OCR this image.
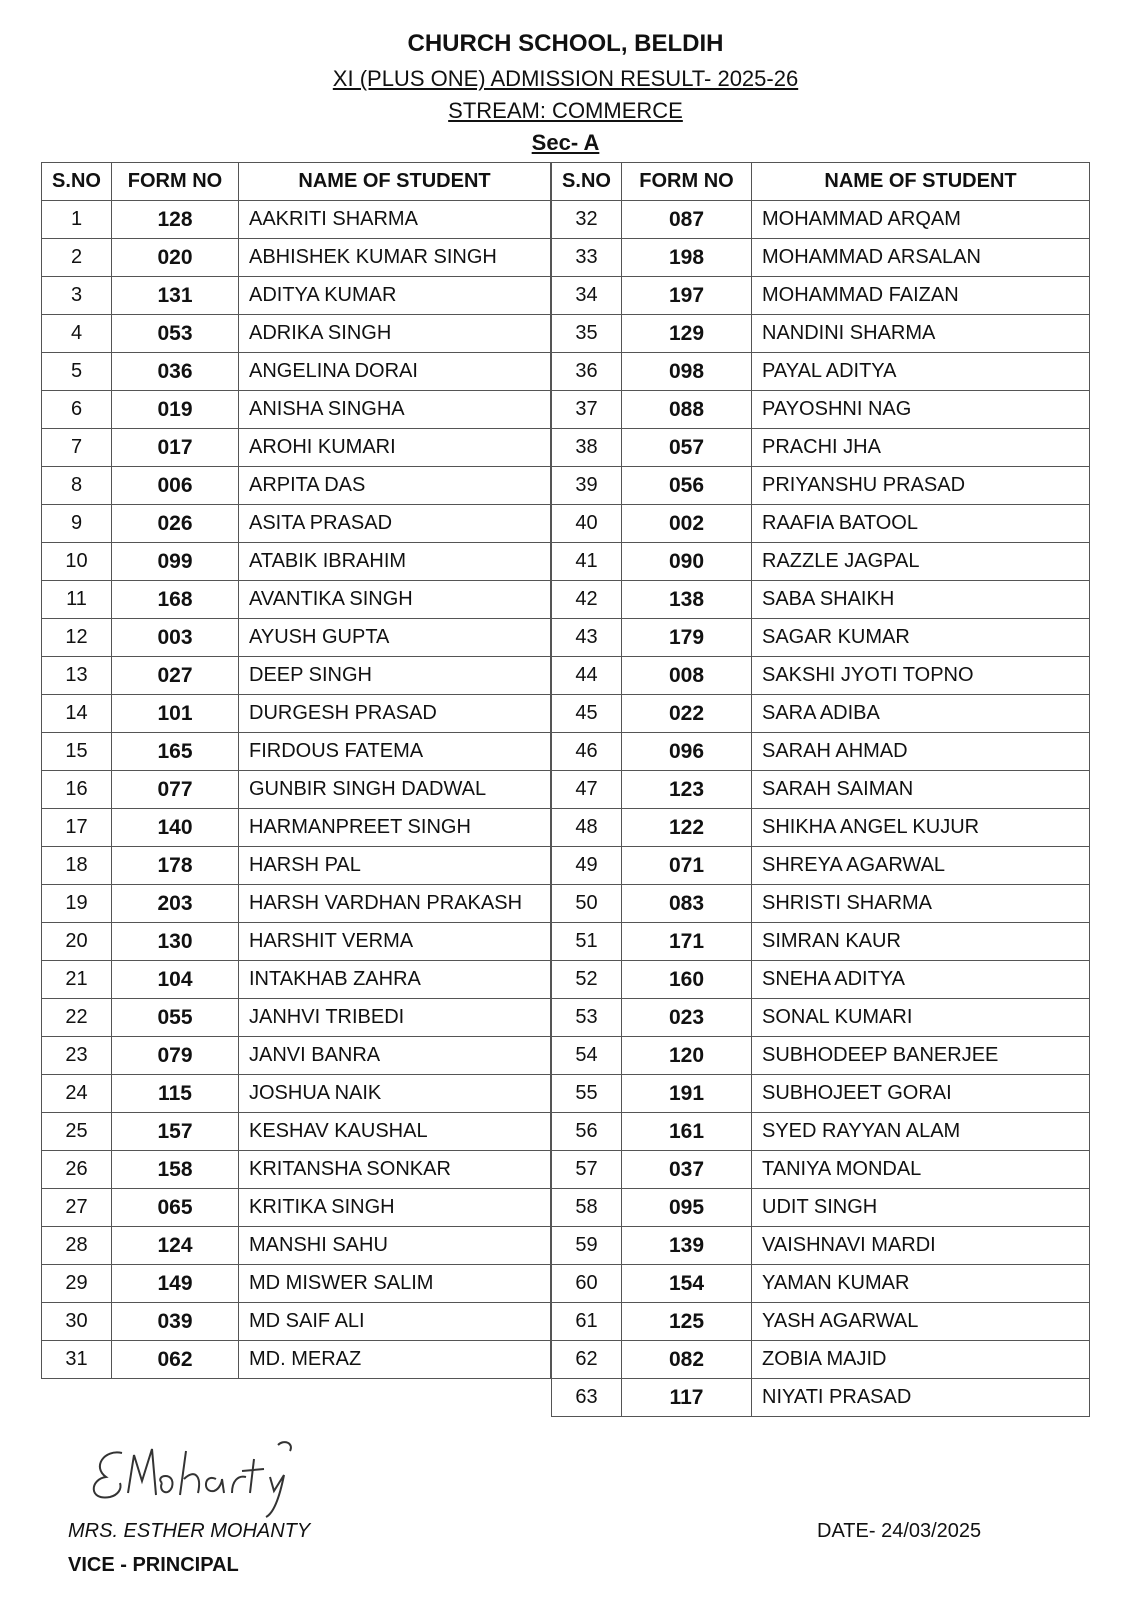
CHURCH SCHOOL, BELDIH
XI (PLUS ONE) ADMISSION RESULT- 2025-26
STREAM: COMMERCE
Sec- A
S.NO	FORM NO	NAME OF STUDENT
1	128	AAKRITI SHARMA
2	020	ABHISHEK KUMAR SINGH
3	131	ADITYA KUMAR
4	053	ADRIKA SINGH
5	036	ANGELINA DORAI
6	019	ANISHA SINGHA
7	017	AROHI KUMARI
8	006	ARPITA DAS
9	026	ASITA PRASAD
10	099	ATABIK IBRAHIM
11	168	AVANTIKA SINGH
12	003	AYUSH GUPTA
13	027	DEEP SINGH
14	101	DURGESH PRASAD
15	165	FIRDOUS FATEMA
16	077	GUNBIR SINGH DADWAL
17	140	HARMANPREET SINGH
18	178	HARSH PAL
19	203	HARSH VARDHAN PRAKASH
20	130	HARSHIT VERMA
21	104	INTAKHAB ZAHRA
22	055	JANHVI TRIBEDI
23	079	JANVI BANRA
24	115	JOSHUA NAIK
25	157	KESHAV KAUSHAL
26	158	KRITANSHA SONKAR
27	065	KRITIKA SINGH
28	124	MANSHI SAHU
29	149	MD MISWER SALIM
30	039	MD SAIF ALI
31	062	MD. MERAZ
S.NO	FORM NO	NAME OF STUDENT
32	087	MOHAMMAD ARQAM
33	198	MOHAMMAD ARSALAN
34	197	MOHAMMAD FAIZAN
35	129	NANDINI SHARMA
36	098	PAYAL ADITYA
37	088	PAYOSHNI NAG
38	057	PRACHI JHA
39	056	PRIYANSHU PRASAD
40	002	RAAFIA BATOOL
41	090	RAZZLE JAGPAL
42	138	SABA SHAIKH
43	179	SAGAR KUMAR
44	008	SAKSHI JYOTI TOPNO
45	022	SARA ADIBA
46	096	SARAH AHMAD
47	123	SARAH SAIMAN
48	122	SHIKHA ANGEL KUJUR
49	071	SHREYA AGARWAL
50	083	SHRISTI SHARMA
51	171	SIMRAN KAUR
52	160	SNEHA ADITYA
53	023	SONAL KUMARI
54	120	SUBHODEEP BANERJEE
55	191	SUBHOJEET GORAI
56	161	SYED RAYYAN ALAM
57	037	TANIYA MONDAL
58	095	UDIT SINGH
59	139	VAISHNAVI MARDI
60	154	YAMAN KUMAR
61	125	YASH AGARWAL
62	082	ZOBIA MAJID
63	117	NIYATI PRASAD
MRS. ESTHER MOHANTY
VICE - PRINCIPAL
DATE- 24/03/2025
